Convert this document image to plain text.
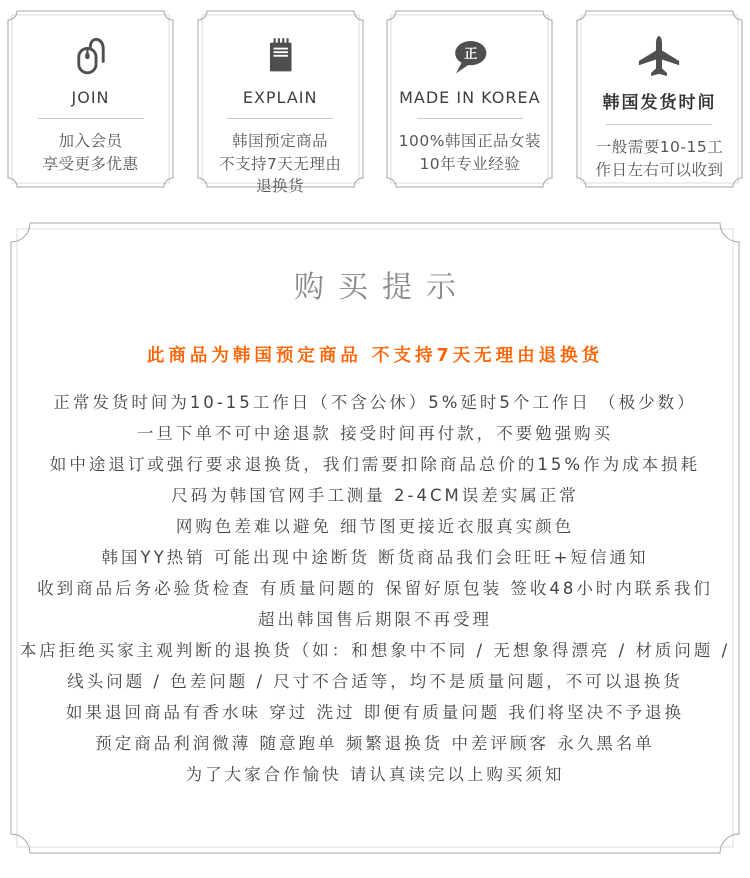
JOIN

加入会员

享受更多优惠

EXPLAIN

韩国预定商品

不支持7天无理由

退换货

正
MADE IN KOREA

100%韩国正品女装

10年专业经验

韩国发货时间

一般需要10-15工

作日左右可以收到

购买提示

此商品为韩国预定商品 不支持7天无理由退换货

正常发货时间为10-15工作日（不含公休）5%延时5个工作日 （极少数）

一旦下单不可中途退款 接受时间再付款，不要勉强购买

如中途退订或强行要求退换货，我们需要扣除商品总价的15%作为成本损耗

尺码为韩国官网手工测量 2-4CM误差实属正常

网购色差难以避免 细节图更接近衣服真实颜色

韩国YY热销 可能出现中途断货 断货商品我们会旺旺+短信通知

收到商品后务必验货检查 有质量问题的 保留好原包装 签收48小时内联系我们

超出韩国售后期限不再受理

本店拒绝买家主观判断的退换货（如：和想象中不同 / 无想象得漂亮 / 材质问题 /

线头问题 / 色差问题 / 尺寸不合适等，均不是质量问题，不可以退换货

如果退回商品有香水味 穿过 洗过 即便有质量问题 我们将坚决不予退换

预定商品利润微薄 随意跑单 频繁退换货 中差评顾客 永久黑名单

为了大家合作愉快 请认真读完以上购买须知
